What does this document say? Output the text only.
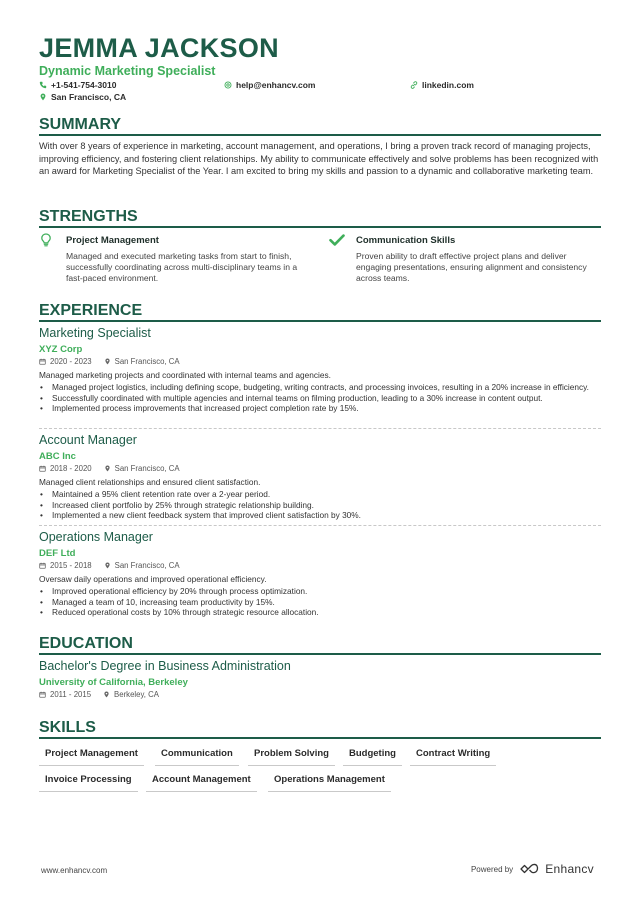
JEMMA JACKSON
Dynamic Marketing Specialist
+1-541-754-3010	help@enhancv.com	linkedin.com
San Francisco, CA
SUMMARY
With over 8 years of experience in marketing, account management, and operations, I bring a proven track record of managing projects, improving efficiency, and fostering client relationships. My ability to communicate effectively and solve problems has been recognized with an award for Marketing Specialist of the Year. I am excited to bring my skills and passion to a dynamic and collaborative marketing team.
STRENGTHS
Project Management
Managed and executed marketing tasks from start to finish, successfully coordinating across multi-disciplinary teams in a fast-paced environment.
Communication Skills
Proven ability to draft effective project plans and deliver engaging presentations, ensuring alignment and consistency across teams.
EXPERIENCE
Marketing Specialist
XYZ Corp
2020 - 2023	San Francisco, CA
Managed marketing projects and coordinated with internal teams and agencies.
• Managed project logistics, including defining scope, budgeting, writing contracts, and processing invoices, resulting in a 20% increase in efficiency.
• Successfully coordinated with multiple agencies and internal teams on filming production, leading to a 30% increase in content output.
• Implemented process improvements that increased project completion rate by 15%.
Account Manager
ABC Inc
2018 - 2020	San Francisco, CA
Managed client relationships and ensured client satisfaction.
• Maintained a 95% client retention rate over a 2-year period.
• Increased client portfolio by 25% through strategic relationship building.
• Implemented a new client feedback system that improved client satisfaction by 30%.
Operations Manager
DEF Ltd
2015 - 2018	San Francisco, CA
Oversaw daily operations and improved operational efficiency.
• Improved operational efficiency by 20% through process optimization.
• Managed a team of 10, increasing team productivity by 15%.
• Reduced operational costs by 10% through strategic resource allocation.
EDUCATION
Bachelor's Degree in Business Administration
University of California, Berkeley
2011 - 2015	Berkeley, CA
SKILLS
Project Management	Communication	Problem Solving	Budgeting	Contract Writing
Invoice Processing	Account Management	Operations Management
www.enhancv.com	Powered by	Enhancv
